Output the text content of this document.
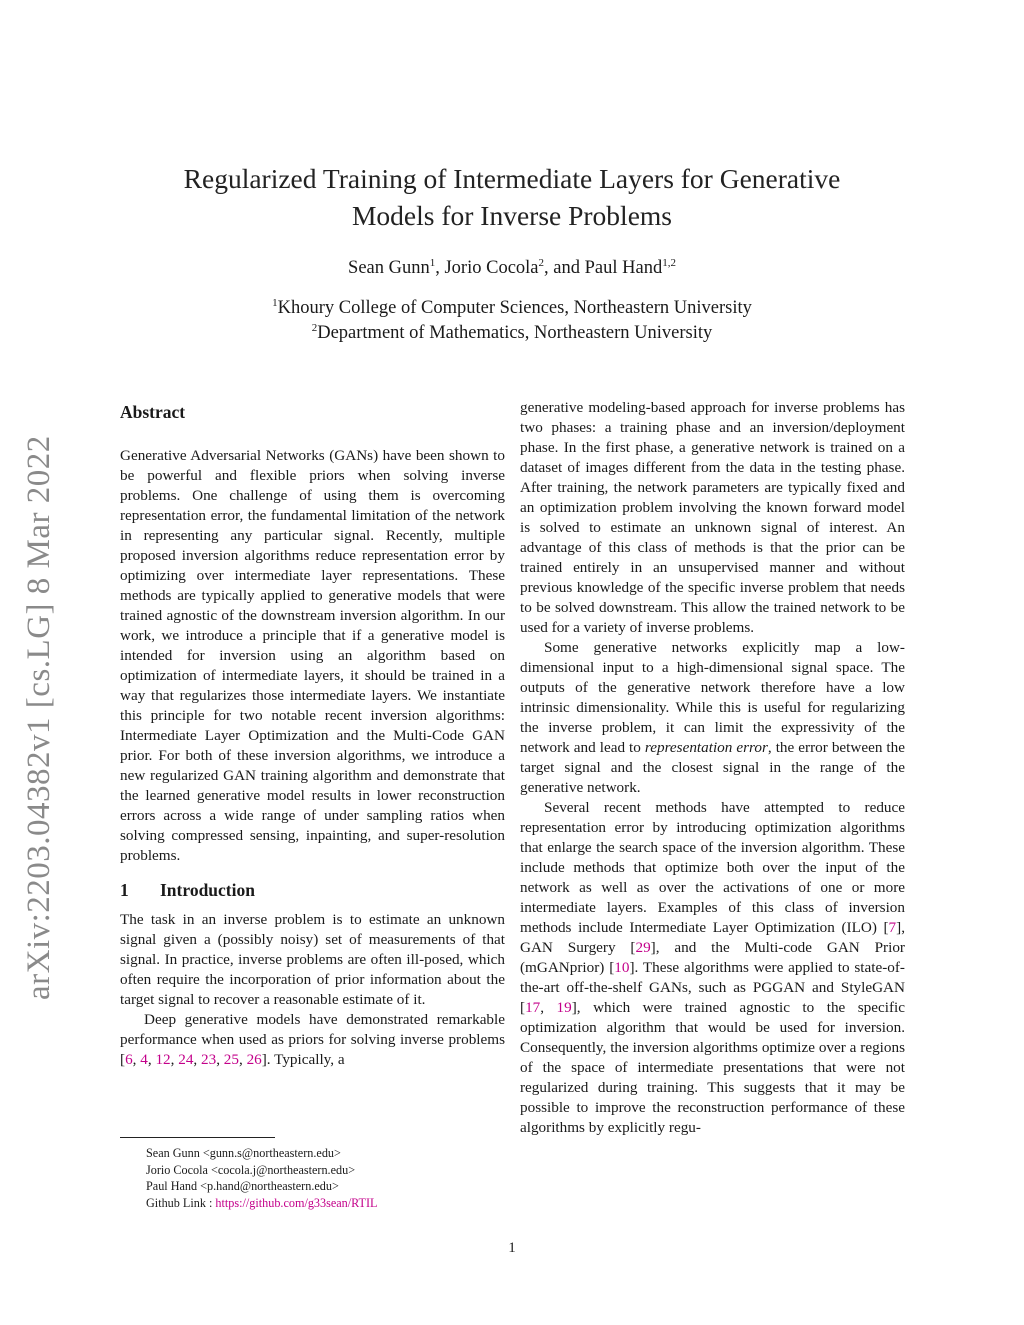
arXiv:2203.04382v1 [cs.LG] 8 Mar 2022
Regularized Training of Intermediate Layers for Generative
Models for Inverse Problems
Sean Gunn$^1$, Jorio Cocola$^2$, and Paul Hand$^{1,2}$
$^1$Khoury College of Computer Sciences, Northeastern University
$^2$Department of Mathematics, Northeastern University
Abstract

Generative Adversarial Networks (GANs) have been shown to be powerful and flexible priors when solving inverse problems. One challenge of using them is overcoming representation error, the fundamental limitation of the network in representing any particular signal. Recently, multiple proposed inversion algorithms reduce representation error by optimizing over intermediate layer representations. These methods are typically applied to generative models that were trained agnostic of the downstream inversion algorithm. In our work, we introduce a principle that if a generative model is intended for inversion using an algorithm based on optimization of intermediate layers, it should be trained in a way that regularizes those intermediate layers. We instantiate this principle for two notable recent inversion algorithms: Intermediate Layer Optimization and the Multi-Code GAN prior. For both of these inversion algorithms, we introduce a new regularized GAN training algorithm and demonstrate that the learned generative model results in lower reconstruction errors across a wide range of under sampling ratios when solving compressed sensing, inpainting, and super-resolution problems.

1 Introduction

The task in an inverse problem is to estimate an unknown signal given a (possibly noisy) set of measurements of that signal. In practice, inverse problems are often ill-posed, which often require the incorporation of prior information about the target signal to recover a reasonable estimate of it.

Deep generative models have demonstrated remarkable performance when used as priors for solving inverse problems [6, 4, 12, 24, 23, 25, 26]. Typically, a

generative modeling-based approach for inverse problems has two phases: a training phase and an inversion/deployment phase. In the first phase, a generative network is trained on a dataset of images different from the data in the testing phase. After training, the network parameters are typically fixed and an optimization problem involving the known forward model is solved to estimate an unknown signal of interest. An advantage of this class of methods is that the prior can be trained entirely in an unsupervised manner and without previous knowledge of the specific inverse problem that needs to be solved downstream. This allow the trained network to be used for a variety of inverse problems.

Some generative networks explicitly map a low-dimensional input to a high-dimensional signal space. The outputs of the generative network therefore have a low intrinsic dimensionality. While this is useful for regularizing the inverse problem, it can limit the expressivity of the network and lead to representation error, the error between the target signal and the closest signal in the range of the generative network.

Several recent methods have attempted to reduce representation error by introducing optimization algorithms that enlarge the search space of the inversion algorithm. These include methods that optimize both over the input of the network as well as over the activations of one or more intermediate layers. Examples of this class of inversion methods include Intermediate Layer Optimization (ILO) [7], GAN Surgery [29], and the Multi-code GAN Prior (mGANprior) [10]. These algorithms were applied to state-of-the-art off-the-shelf GANs, such as PGGAN and StyleGAN [17, 19], which were trained agnostic to the specific optimization algorithm that would be used for inversion. Consequently, the inversion algorithms optimize over a regions of the space of intermediate presentations that were not regularized during training. This suggests that it may be possible to improve the reconstruction performance of these algorithms by explicitly regu-

Sean Gunn <gunn.s@northeastern.edu>
Jorio Cocola <cocola.j@northeastern.edu>
Paul Hand <p.hand@northeastern.edu>
Github Link : https://github.com/g33sean/RTIL
1
